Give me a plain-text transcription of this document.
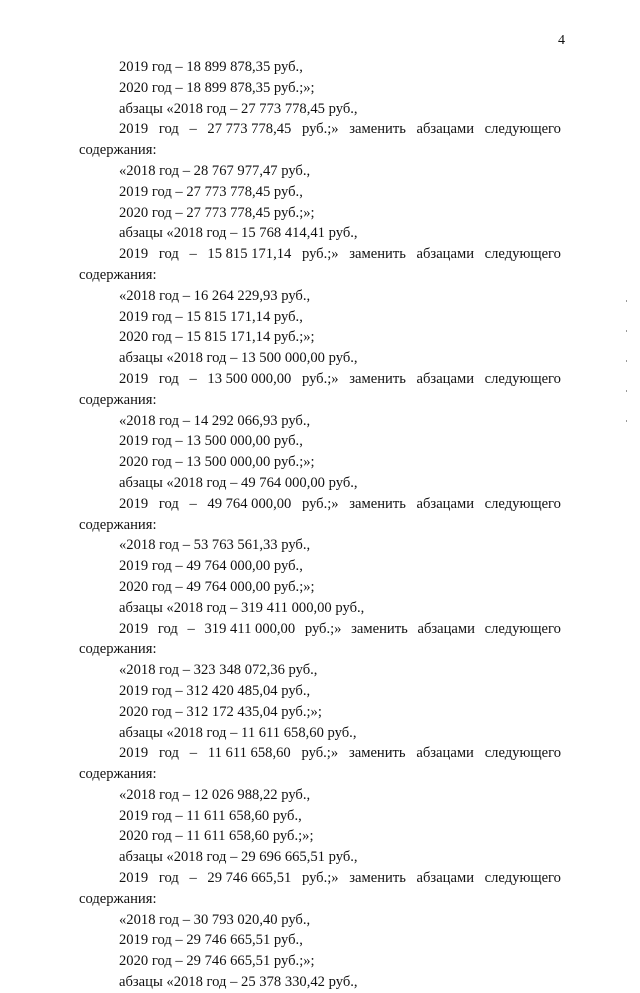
4
2019 год – 18 899 878,35 руб.,
2020 год – 18 899 878,35 руб.;»;
абзацы «2018 год – 27 773 778,45 руб.,
2019 год – 27 773 778,45 руб.;» заменить абзацами следующего
содержания:
«2018 год – 28 767 977,47 руб.,
2019 год – 27 773 778,45 руб.,
2020 год – 27 773 778,45 руб.;»;
абзацы «2018 год – 15 768 414,41 руб.,
2019 год – 15 815 171,14 руб.;» заменить абзацами следующего
содержания:
«2018 год – 16 264 229,93 руб.,
2019 год – 15 815 171,14 руб.,
2020 год – 15 815 171,14 руб.;»;
абзацы «2018 год – 13 500 000,00 руб.,
2019 год – 13 500 000,00 руб.;» заменить абзацами следующего
содержания:
«2018 год – 14 292 066,93 руб.,
2019 год – 13 500 000,00 руб.,
2020 год – 13 500 000,00 руб.;»;
абзацы «2018 год – 49 764 000,00 руб.,
2019 год – 49 764 000,00 руб.;» заменить абзацами следующего
содержания:
«2018 год – 53 763 561,33 руб.,
2019 год – 49 764 000,00 руб.,
2020 год – 49 764 000,00 руб.;»;
абзацы «2018 год – 319 411 000,00 руб.,
2019 год – 319 411 000,00 руб.;» заменить абзацами следующего
содержания:
«2018 год – 323 348 072,36 руб.,
2019 год – 312 420 485,04 руб.,
2020 год – 312 172 435,04 руб.;»;
абзацы «2018 год – 11 611 658,60 руб.,
2019 год – 11 611 658,60 руб.;» заменить абзацами следующего
содержания:
«2018 год – 12 026 988,22 руб.,
2019 год – 11 611 658,60 руб.,
2020 год – 11 611 658,60 руб.;»;
абзацы «2018 год – 29 696 665,51 руб.,
2019 год – 29 746 665,51 руб.;» заменить абзацами следующего
содержания:
«2018 год – 30 793 020,40 руб.,
2019 год – 29 746 665,51 руб.,
2020 год – 29 746 665,51 руб.;»;
абзацы «2018 год – 25 378 330,42 руб.,
